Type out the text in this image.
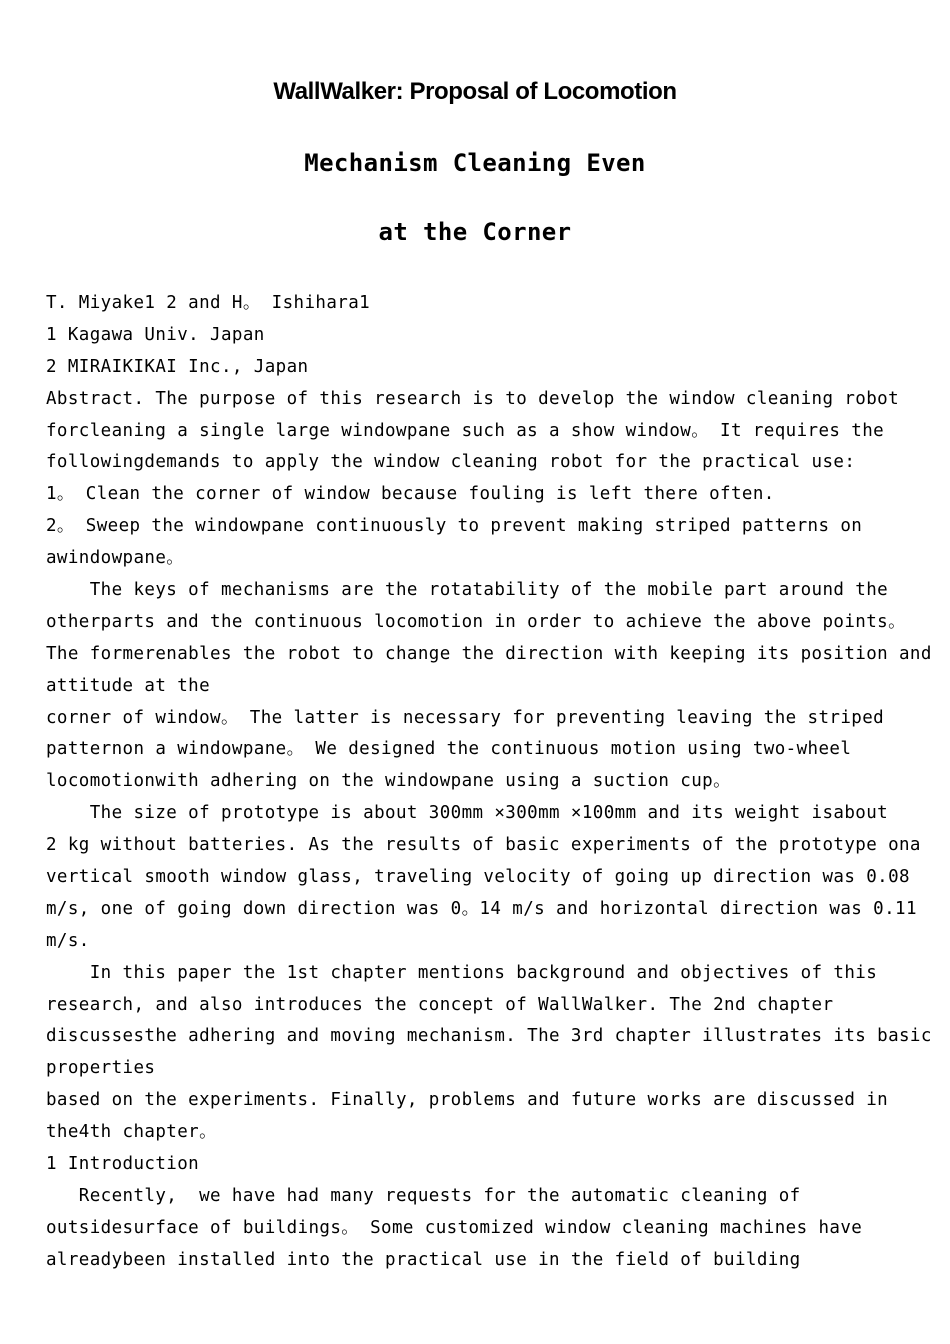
WallWalker: Proposal of Locomotion
Mechanism Cleaning Even
at the Corner
T. Miyake1 2 and H。 Ishihara1
1 Kagawa Univ. Japan
2 MIRAIKIKAI Inc., Japan
Abstract. The purpose of this research is to develop the window cleaning robot
forcleaning a single large windowpane such as a show window。 It requires the
followingdemands to apply the window cleaning robot for the practical use:
1。 Clean the corner of window because fouling is left there often.
2。 Sweep the windowpane continuously to prevent making striped patterns on
awindowpane。
The keys of mechanisms are the rotatability of the mobile part around the
otherparts and the continuous locomotion in order to achieve the above points。
The formerenables the robot to change the direction with keeping its position and
attitude at the
corner of window。 The latter is necessary for preventing leaving the striped
patternon a windowpane。 We designed the continuous motion using two-wheel
locomotionwith adhering on the windowpane using a suction cup。
The size of prototype is about 300mm ×300mm ×100mm and its weight isabout
2 kg without batteries. As the results of basic experiments of the prototype ona
vertical smooth window glass, traveling velocity of going up direction was 0.08
m/s, one of going down direction was 0。14 m/s and horizontal direction was 0.11
m/s.
In this paper the 1st chapter mentions background and objectives of this
research, and also introduces the concept of WallWalker. The 2nd chapter
discussesthe adhering and moving mechanism. The 3rd chapter illustrates its basic
properties
based on the experiments. Finally, problems and future works are discussed in
the4th chapter。
1 Introduction
Recently,  we have had many requests for the automatic cleaning of
outsidesurface of buildings。 Some customized window cleaning machines have
alreadybeen installed into the practical use in the field of building
